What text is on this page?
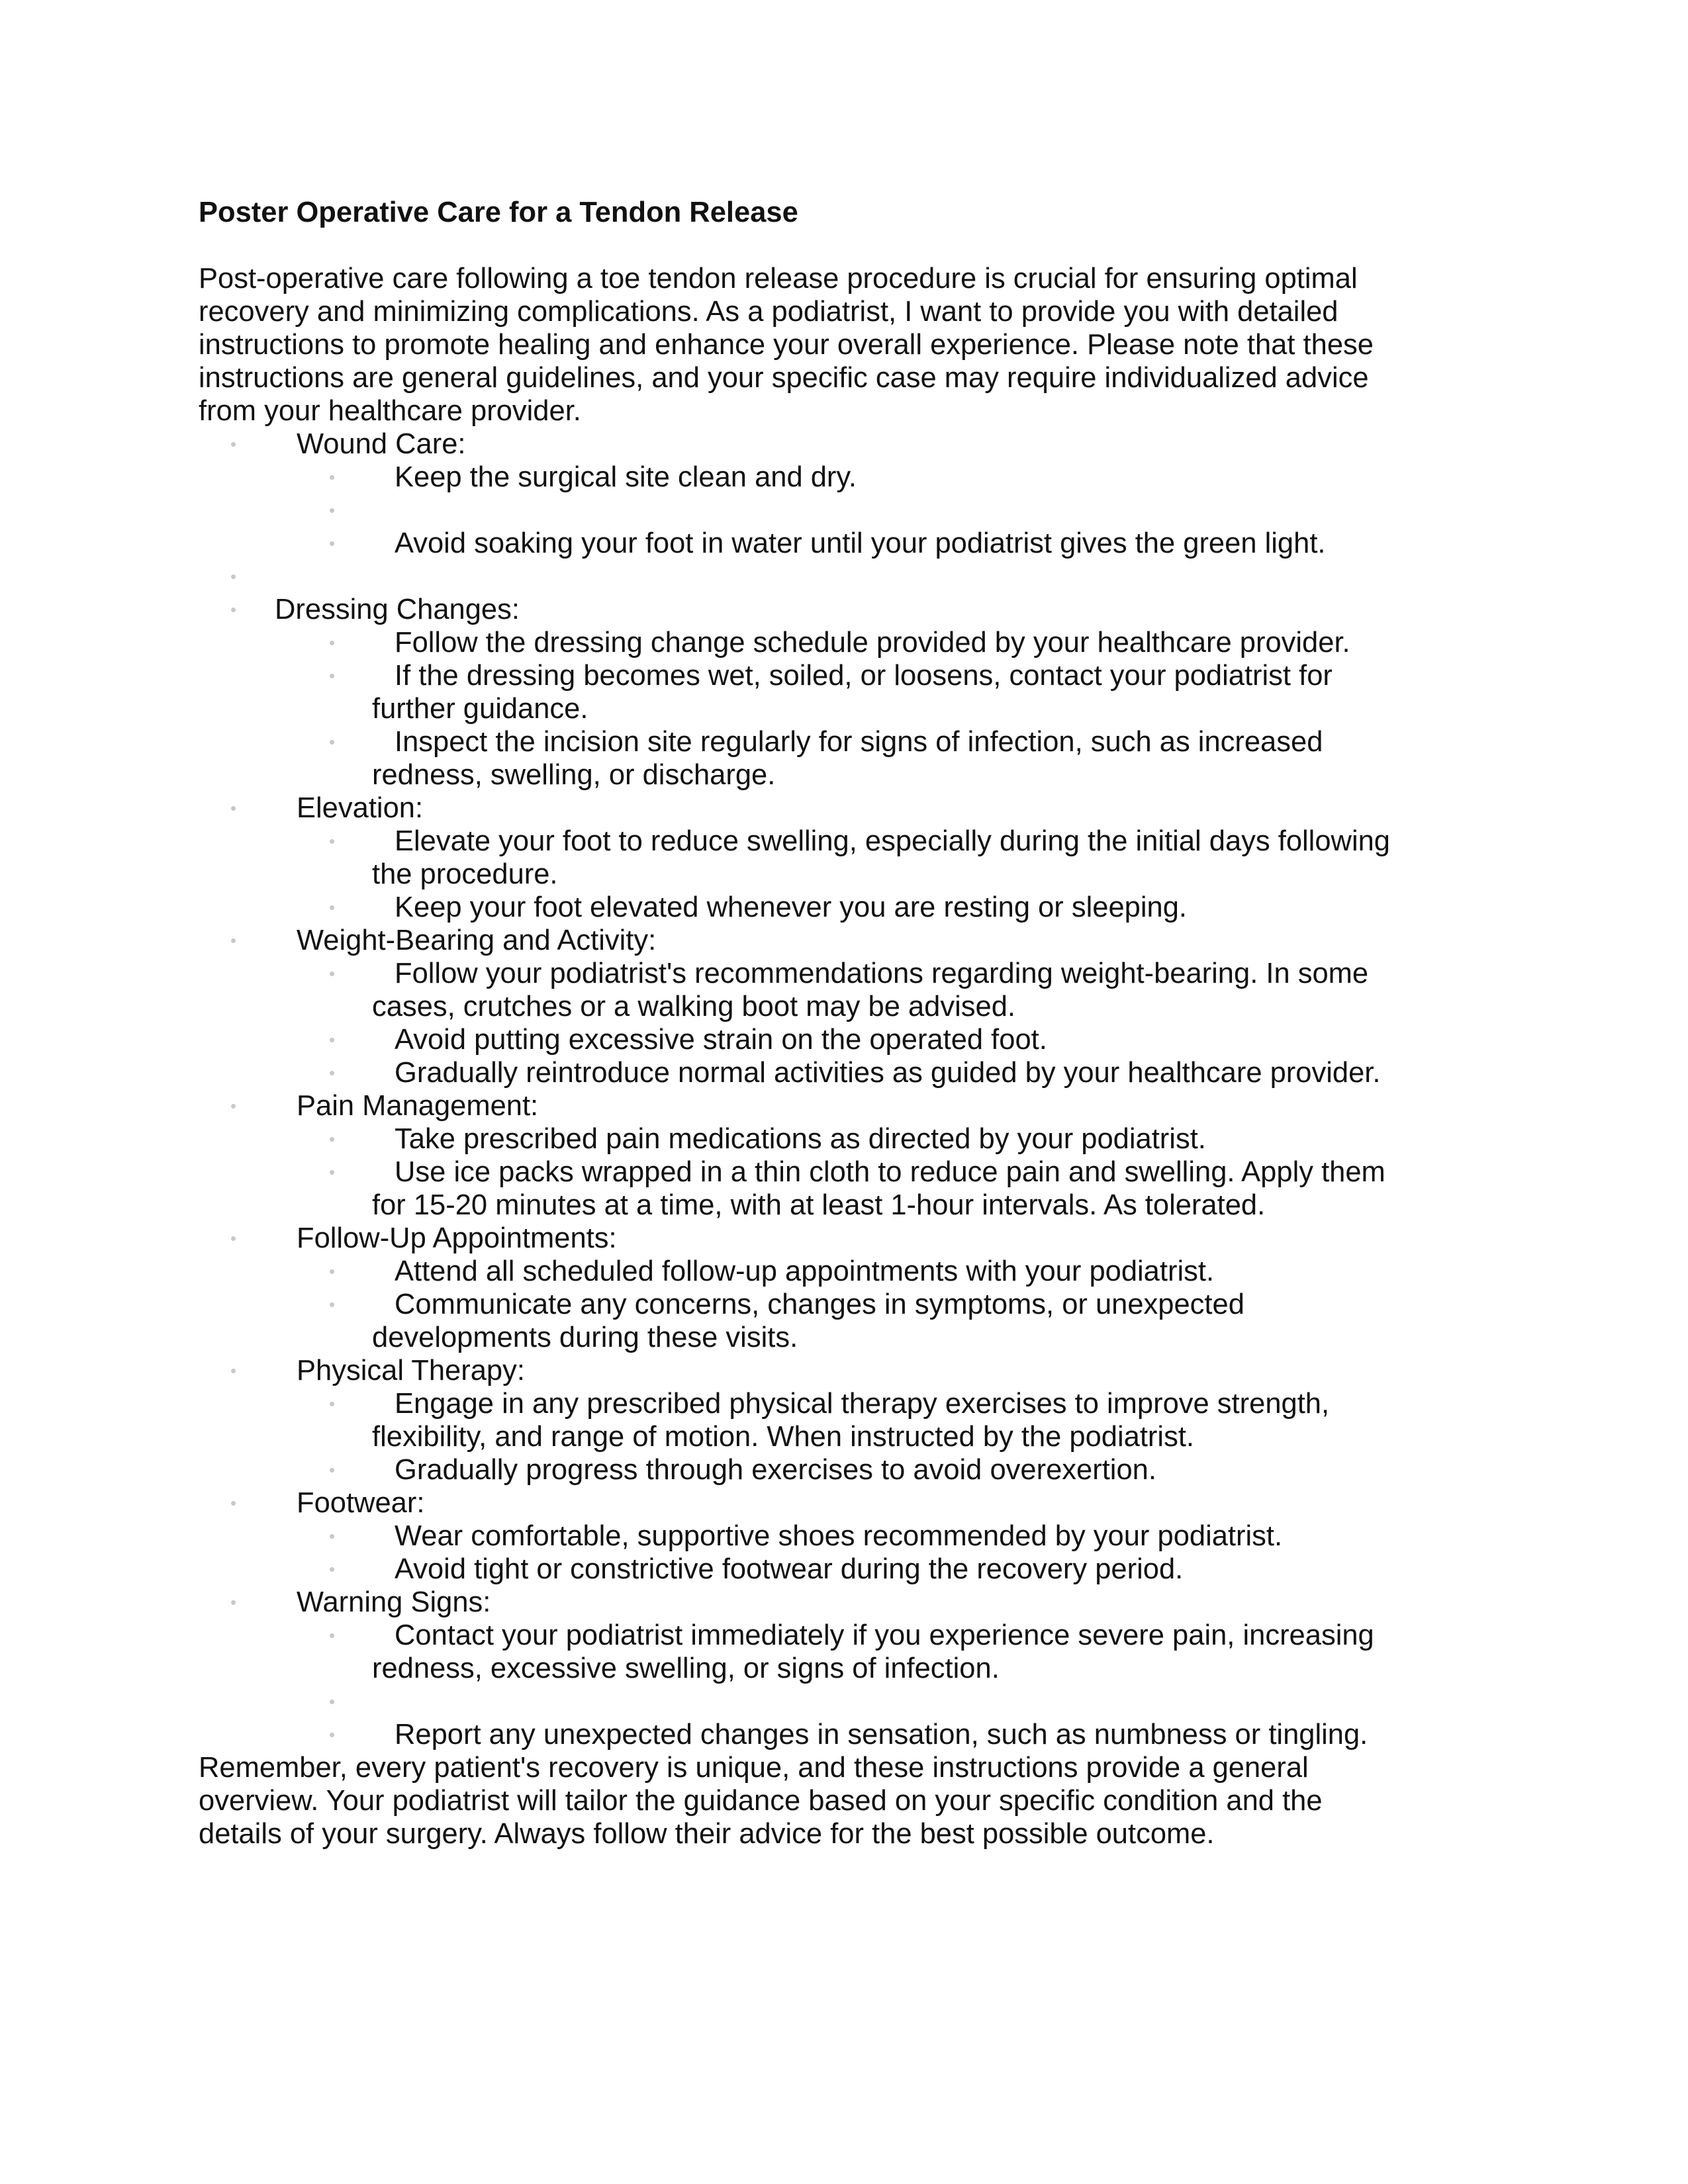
Poster Operative Care for a Tendon Release
Post-operative care following a toe tendon release procedure is crucial for ensuring optimal
recovery and minimizing complications. As a podiatrist, I want to provide you with detailed
instructions to promote healing and enhance your overall experience. Please note that these
instructions are general guidelines, and your specific case may require individualized advice
from your healthcare provider.
• Wound Care:
• Keep the surgical site clean and dry.
•
• Avoid soaking your foot in water until your podiatrist gives the green light.
•
• Dressing Changes:
• Follow the dressing change schedule provided by your healthcare provider.
• If the dressing becomes wet, soiled, or loosens, contact your podiatrist for
further guidance.
• Inspect the incision site regularly for signs of infection, such as increased
redness, swelling, or discharge.
• Elevation:
• Elevate your foot to reduce swelling, especially during the initial days following
the procedure.
• Keep your foot elevated whenever you are resting or sleeping.
• Weight-Bearing and Activity:
• Follow your podiatrist's recommendations regarding weight-bearing. In some
cases, crutches or a walking boot may be advised.
• Avoid putting excessive strain on the operated foot.
• Gradually reintroduce normal activities as guided by your healthcare provider.
• Pain Management:
• Take prescribed pain medications as directed by your podiatrist.
• Use ice packs wrapped in a thin cloth to reduce pain and swelling. Apply them
for 15-20 minutes at a time, with at least 1-hour intervals. As tolerated.
• Follow-Up Appointments:
• Attend all scheduled follow-up appointments with your podiatrist.
• Communicate any concerns, changes in symptoms, or unexpected
developments during these visits.
• Physical Therapy:
• Engage in any prescribed physical therapy exercises to improve strength,
flexibility, and range of motion. When instructed by the podiatrist.
• Gradually progress through exercises to avoid overexertion.
• Footwear:
• Wear comfortable, supportive shoes recommended by your podiatrist.
• Avoid tight or constrictive footwear during the recovery period.
• Warning Signs:
• Contact your podiatrist immediately if you experience severe pain, increasing
redness, excessive swelling, or signs of infection.
•
• Report any unexpected changes in sensation, such as numbness or tingling.
Remember, every patient's recovery is unique, and these instructions provide a general
overview. Your podiatrist will tailor the guidance based on your specific condition and the
details of your surgery. Always follow their advice for the best possible outcome.
